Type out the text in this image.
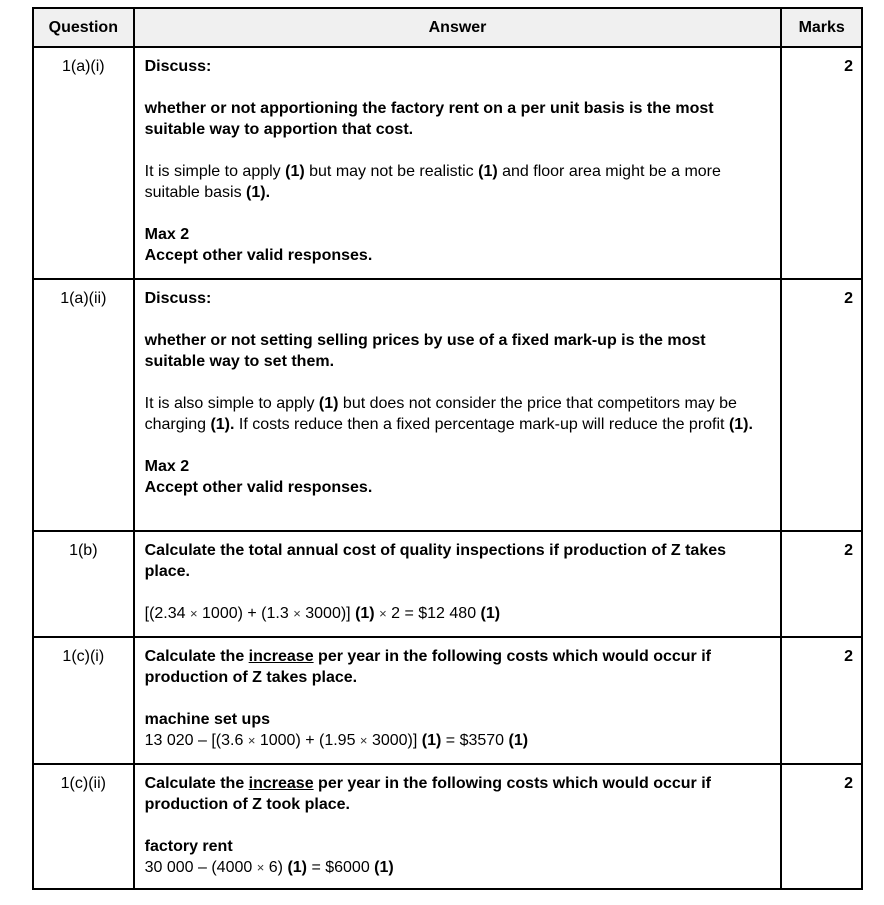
Question	Answer	Marks
1(a)(i)	Discuss:

whether or not apportioning the factory rent on a per unit basis is the most suitable way to apportion that cost.

It is simple to apply (1) but may not be realistic (1) and floor area might be a more suitable basis (1).

Max 2
Accept other valid responses.	2
1(a)(ii)	Discuss:

whether or not setting selling prices by use of a fixed mark-up is the most suitable way to set them.

It is also simple to apply (1) but does not consider the price that competitors may be charging (1). If costs reduce then a fixed percentage mark-up will reduce the profit (1).

Max 2
Accept other valid responses.	2
1(b)	Calculate the total annual cost of quality inspections if production of Z takes place.

[(2.34 × 1000) + (1.3 × 3000)] (1) × 2 = $12 480 (1)	2
1(c)(i)	Calculate the increase per year in the following costs which would occur if production of Z takes place.

machine set ups
13 020 – [(3.6 × 1000) + (1.95 × 3000)] (1) = $3570 (1)	2
1(c)(ii)	Calculate the increase per year in the following costs which would occur if production of Z took place.

factory rent
30 000 – (4000 × 6) (1) = $6000 (1)	2
